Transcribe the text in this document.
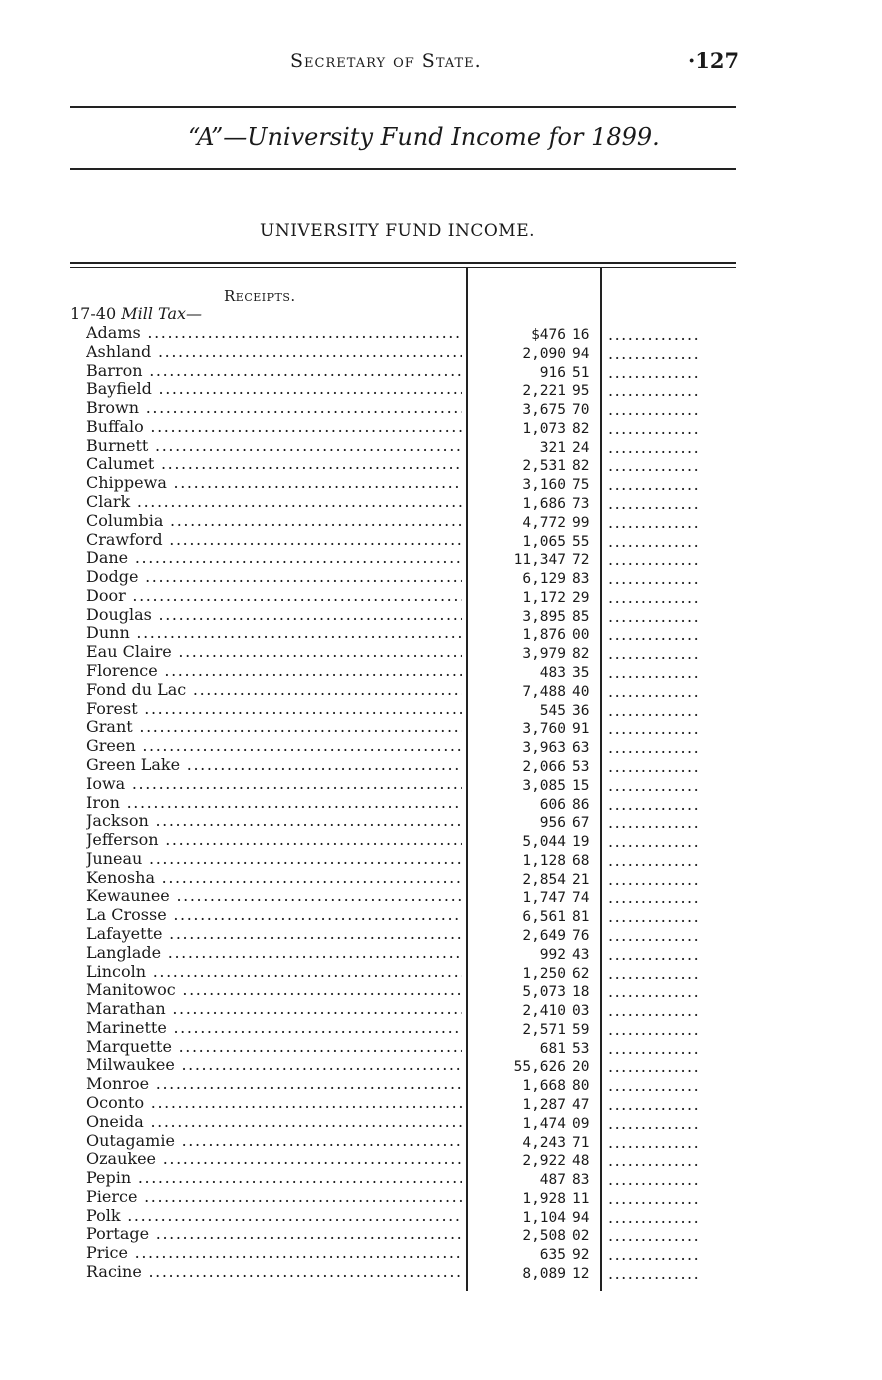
Secretary of State.	·127
“A”—University Fund Income for 1899.
UNIVERSITY FUND INCOME.
Receipts.
17-40 Mill Tax—
Adams .....	$476 16	..............
Ashland .....	2,090 94	..............
Barron .....	916 51	..............
Bayfield .....	2,221 95	..............
Brown .....	3,675 70	..............
Buffalo .....	1,073 82	..............
Burnett .....	321 24	..............
Calumet .....	2,531 82	..............
Chippewa .....	3,160 75	..............
Clark .....	1,686 73	..............
Columbia .....	4,772 99	..............
Crawford .....	1,065 55	..............
Dane .....	11,347 72	..............
Dodge .....	6,129 83	..............
Door .....	1,172 29	..............
Douglas .....	3,895 85	..............
Dunn .....	1,876 00	..............
Eau Claire .....	3,979 82	..............
Florence .....	483 35	..............
Fond du Lac .....	7,488 40	..............
Forest .....	545 36	..............
Grant .....	3,760 91	..............
Green .....	3,963 63	..............
Green Lake .....	2,066 53	..............
Iowa .....	3,085 15	..............
Iron .....	606 86	..............
Jackson .....	956 67	..............
Jefferson .....	5,044 19	..............
Juneau .....	1,128 68	..............
Kenosha .....	2,854 21	..............
Kewaunee .....	1,747 74	..............
La Crosse .....	6,561 81	..............
Lafayette .....	2,649 76	..............
Langlade .....	992 43	..............
Lincoln .....	1,250 62	..............
Manitowoc .....	5,073 18	..............
Marathan .....	2,410 03	..............
Marinette .....	2,571 59	..............
Marquette .....	681 53	..............
Milwaukee .....	55,626 20	..............
Monroe .....	1,668 80	..............
Oconto .....	1,287 47	..............
Oneida .....	1,474 09	..............
Outagamie .....	4,243 71	..............
Ozaukee .....	2,922 48	..............
Pepin .....	487 83	..............
Pierce .....	1,928 11	..............
Polk .....	1,104 94	..............
Portage .....	2,508 02	..............
Price .....	635 92	..............
Racine .....	8,089 12	..............
